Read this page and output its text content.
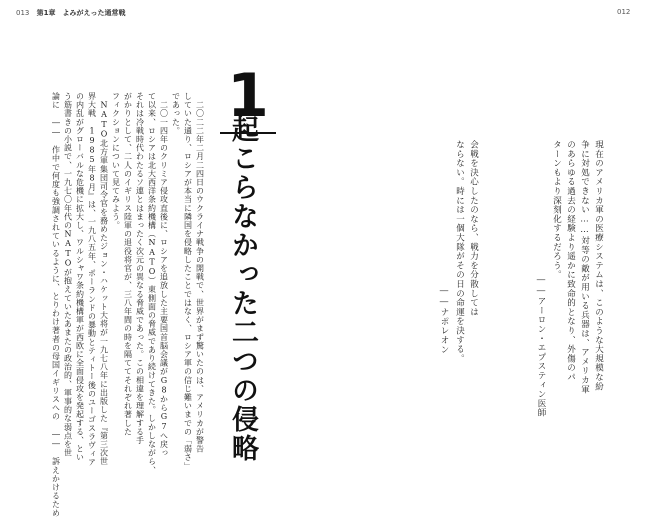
013 第1章　よみがえった通常戦	012
　二〇二二年二月二四日のウクライナ戦争の開戦で、世界がまず驚いたのは、アメリカが警告
していた通り、ロシアが本当に隣国を侵略したことではなく、ロシア軍の信じ難いまでの「弱さ」
であった。
　二〇一四年のクリミア侵攻直後に、ロシアを追放した主要国首脳会議がG8からG7へ戻っ
て以来、ロシアは北大西洋条約機構（NATO）東側面の脅威であり続けてきた。しかしながら、
それは冷戦時代わたるソ連とはまったく次元の異なる脅威であった。この相違を理解する手
がかりとして、二人のイギリス陸軍の退役将官が、三八年間の時を隔ててそれぞれ著した
フィクションについて見てみよう。
　NATO北方軍集団司令官を務めたジョン・ハケット大将が一九七八年に出版した『第三次世
界大戦　1985年8月』は、一九八五年、ポーランドの暴動とティトー後のユーゴスラヴィア
の内乱がグローバルな危機に拡大し、ワルシャワ条約機構軍が西欧に全面侵攻を発起する、とい
う筋書きの小説で、一九七〇年代のNATOが抱えていたあまたの政治的、軍事的な弱点を世
論に　――　作中で何度も強調されているように、とりわけ著者の母国イギリスへの　――　訴えかけるため	1
起こらなかった二つの侵略	現在のアメリカ軍の医療システムは、このような大規模な紛
争に対処できない……対等の敵が用いる兵器は、アメリカ軍
のあらゆる過去の経験より遥かに致命的となり、外傷のパ
ターンもより深刻化するだろう。
――アーロン・エプスティン医師
会戦を決心したのなら、戦力を分散しては
ならない。時には一個大隊がその日の命運を決する。
――ナポレオン
